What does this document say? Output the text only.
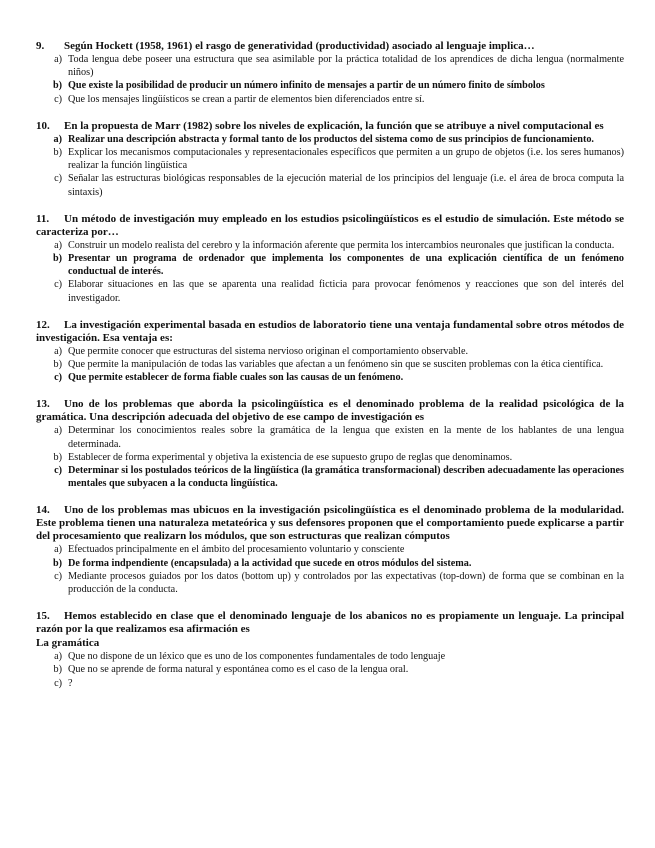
9. Según Hockett (1958, 1961) el rasgo de generatividad (productividad) asociado al lenguaje implica…
a) Toda lengua debe poseer una estructura que sea asimilable por la práctica totalidad de los aprendices de dicha lengua (normalmente niños)
b) Que existe la posibilidad de producir un número infinito de mensajes a partir de un número finito de símbolos
c) Que los mensajes lingüísticos se crean a partir de elementos bien diferenciados entre sí.
10. En la propuesta de Marr (1982) sobre los niveles de explicación, la función que se atribuye a nivel computacional es
a) Realizar una descripción abstracta y formal tanto de los productos del sistema como de sus principios de funcionamiento.
b) Explicar los mecanismos computacionales y representacionales específicos que permiten a un grupo de objetos (i.e. los seres humanos) realizar la función lingüística
c) Señalar las estructuras biológicas responsables de la ejecución material de los principios del lenguaje (i.e. el área de broca computa la sintaxis)
11. Un método de investigación muy empleado en los estudios psicolingüísticos es el estudio de simulación. Este método se caracteriza por…
a) Construir un modelo realista del cerebro y la información aferente que permita los intercambios neuronales que justifican la conducta.
b) Presentar un programa de ordenador que implementa los componentes de una explicación científica de un fenómeno conductual de interés.
c) Elaborar situaciones en las que se aparenta una realidad ficticia para provocar fenómenos y reacciones que son del interés del investigador.
12. La investigación experimental basada en estudios de laboratorio tiene una ventaja fundamental sobre otros métodos de investigación. Esa ventaja es:
a) Que permite conocer que estructuras del sistema nervioso originan el comportamiento observable.
b) Que permite la manipulación de todas las variables que afectan a un fenómeno sin que se susciten problemas con la ética científica.
c) Que permite establecer de forma fiable cuales son las causas de un fenómeno.
13. Uno de los problemas que aborda la psicolingüística es el denominado problema de la realidad psicológica de la gramática. Una descripción adecuada del objetivo de ese campo de investigación es
a) Determinar los conocimientos reales sobre la gramática de la lengua que existen en la mente de los hablantes de una lengua determinada.
b) Establecer de forma experimental y objetiva la existencia de ese supuesto grupo de reglas que denominamos.
c) Determinar si los postulados teóricos de la lingüística (la gramática transformacional) describen adecuadamente las operaciones mentales que subyacen a la conducta lingüística.
14. Uno de los problemas mas ubicuos en la investigación psicolingüística es el denominado problema de la modularidad. Este problema tienen una naturaleza metateórica y sus defensores proponen que el comportamiento puede explicarse a partir del procesamiento que realizarn los módulos, que son estructuras que realizan cómputos
a) Efectuados principalmente en el ámbito del procesamiento voluntario y consciente
b) De forma indpendiente (encapsulada) a la actividad que sucede en otros módulos del sistema.
c) Mediante procesos guiados por los datos (bottom up) y controlados por las expectativas (top-down) de forma que se combinan en la producción de la conducta.
15. Hemos establecido en clase que el denominado lenguaje de los abanicos no es propiamente un lenguaje. La principal razón por la que realizamos esa afirmación es
La gramática
a) Que no dispone de un léxico que es uno de los componentes fundamentales de todo lenguaje
b) Que no se aprende de forma natural y espontánea como es el caso de la lengua oral.
c) ?
